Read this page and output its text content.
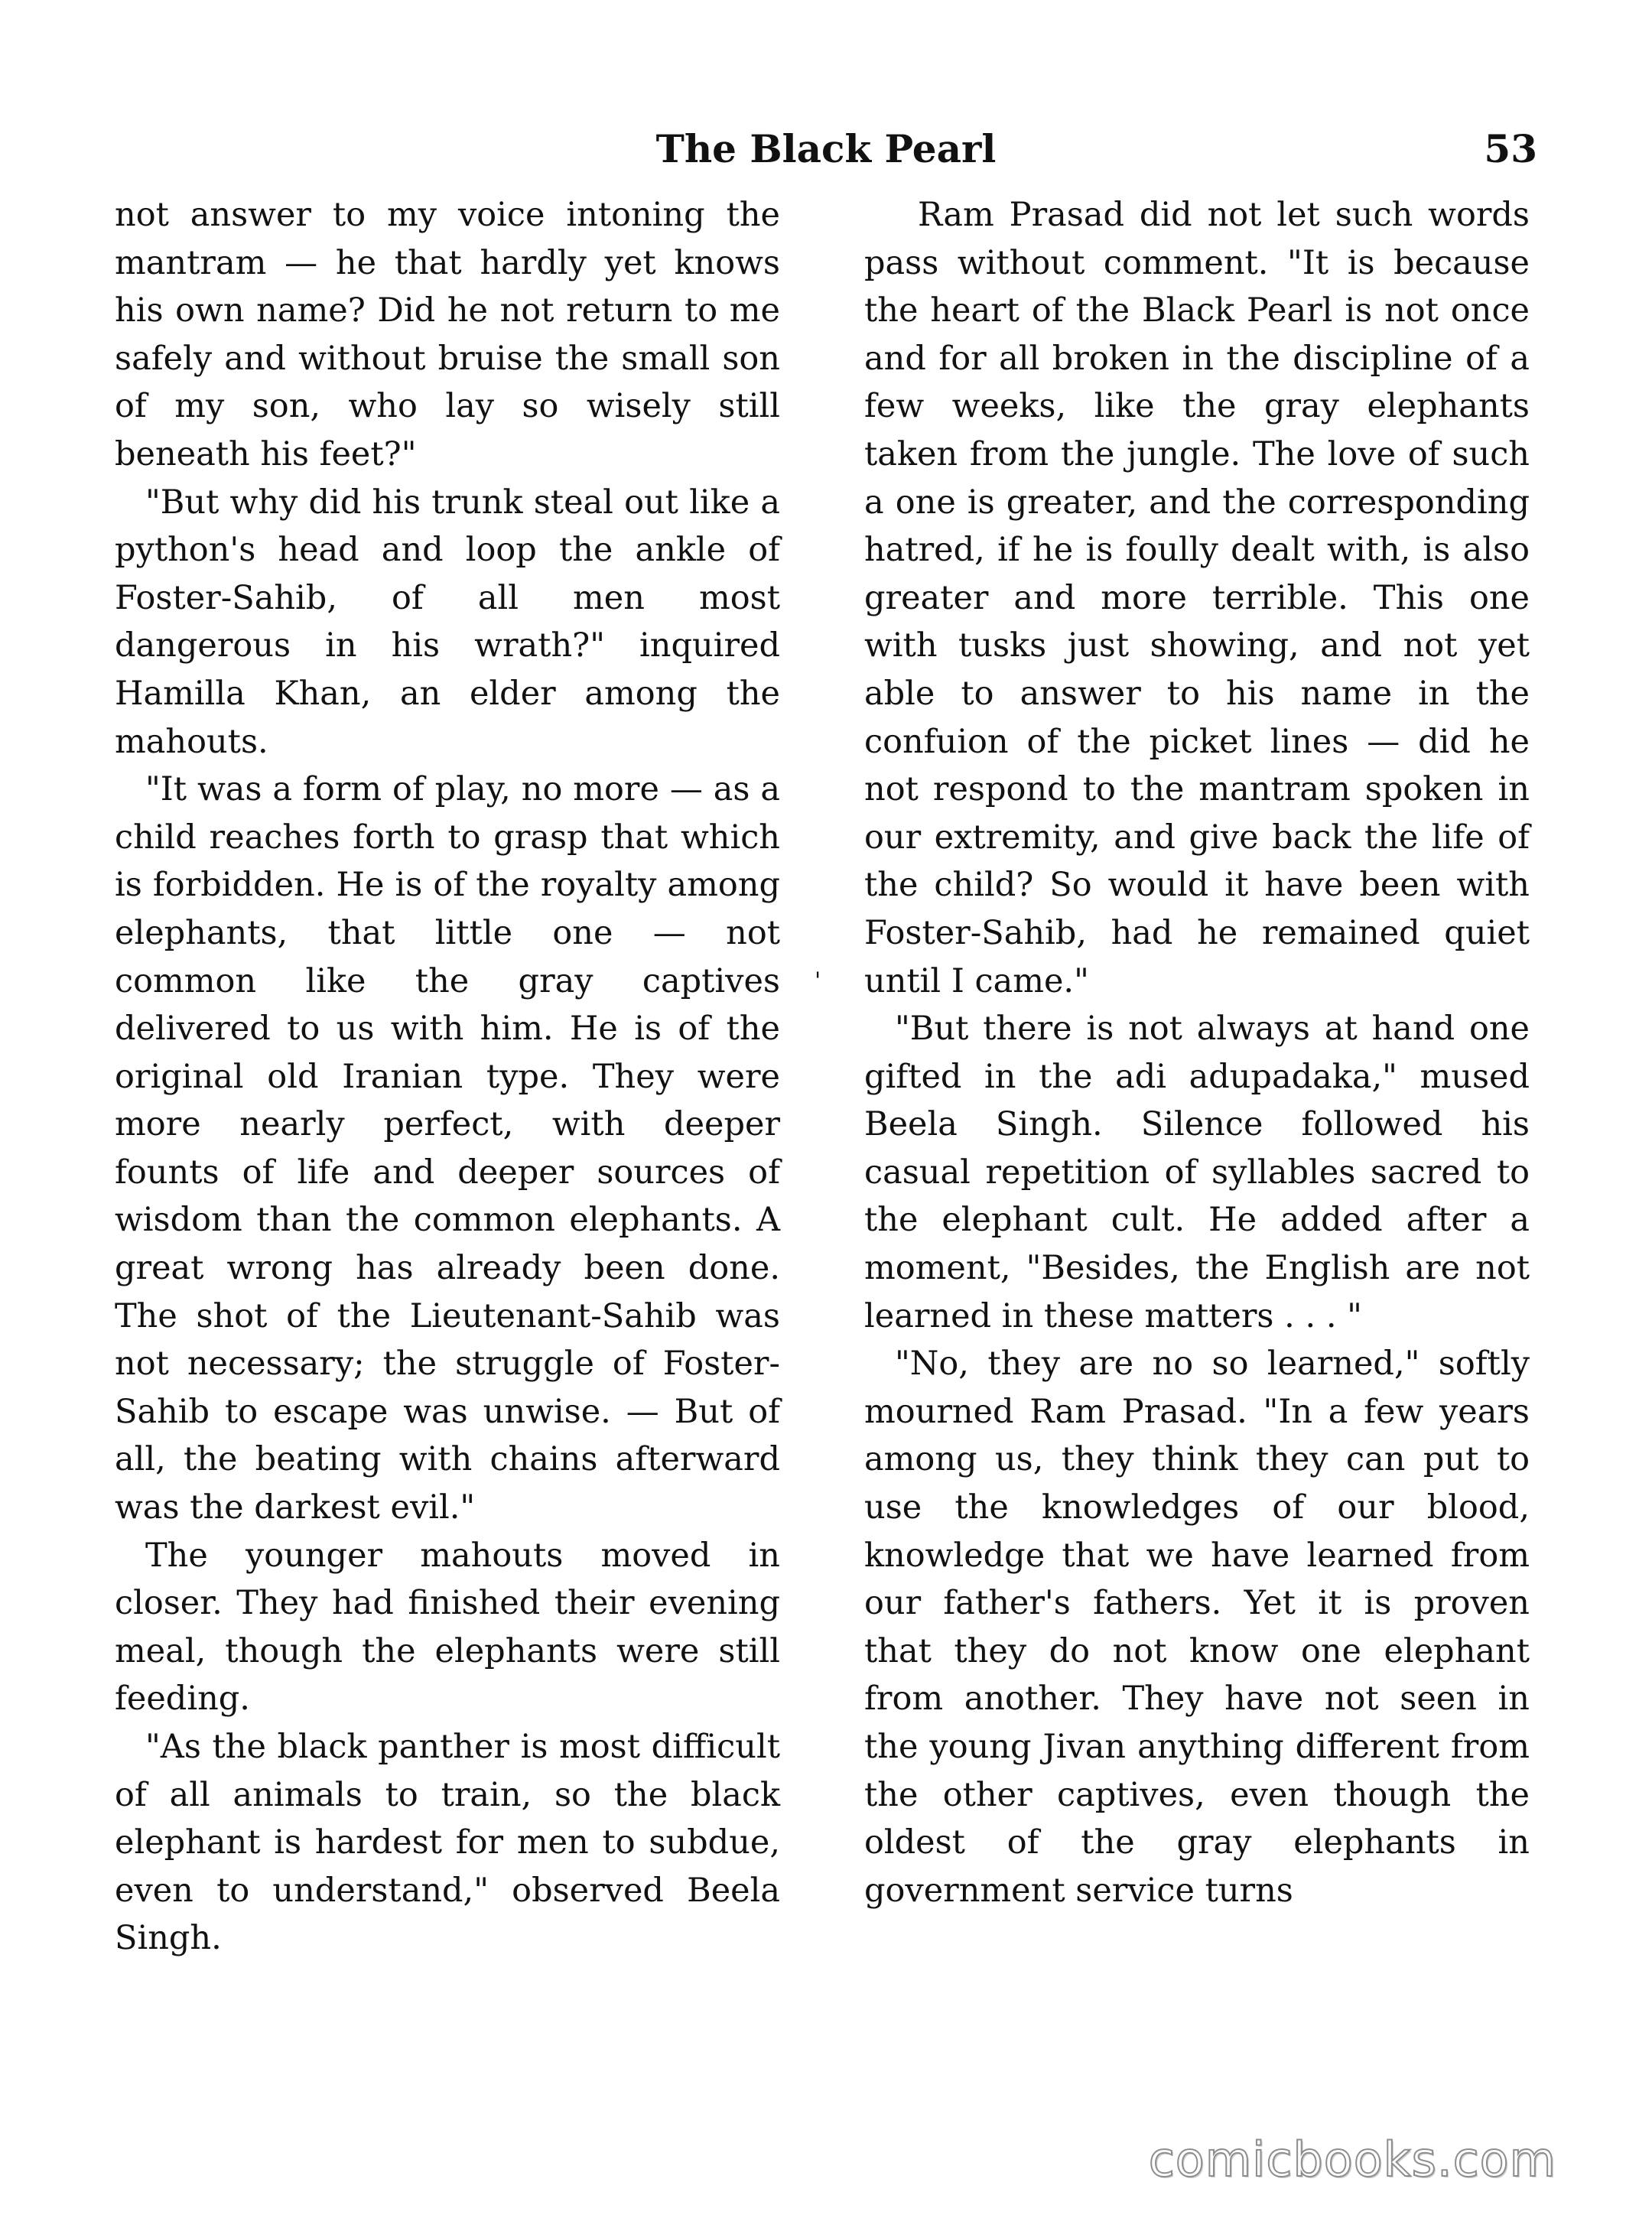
The Black Pearl	53

not answer to my voice intoning the mantram — he that hardly yet knows his own name? Did he not return to me safely and without bruise the small son of my son, who lay so wisely still beneath his feet?"

"But why did his trunk steal out like a python's head and loop the ankle of Foster-Sahib, of all men most dangerous in his wrath?" inquired Hamilla Khan, an elder among the mahouts.

"It was a form of play, no more — as a child reaches forth to grasp that which is forbidden. He is of the royalty among elephants, that little one — not common like the gray captives delivered to us with him. He is of the original old Iranian type. They were more nearly perfect, with deeper founts of life and deeper sources of wisdom than the common elephants. A great wrong has already been done. The shot of the Lieutenant-Sahib was not necessary; the struggle of Foster-Sahib to escape was unwise. — But of all, the beating with chains afterward was the darkest evil."

The younger mahouts moved in closer. They had finished their evening meal, though the elephants were still feeding.

"As the black panther is most difficult of all animals to train, so the black elephant is hardest for men to subdue, even to understand," observed Beela Singh.

'

Ram Prasad did not let such words pass without comment. "It is because the heart of the Black Pearl is not once and for all broken in the discipline of a few weeks, like the gray elephants taken from the jungle. The love of such a one is greater, and the corresponding hatred, if he is foully dealt with, is also greater and more terrible. This one with tusks just showing, and not yet able to answer to his name in the confuion of the picket lines — did he not respond to the mantram spoken in our extremity, and give back the life of the child? So would it have been with Foster-Sahib, had he remained quiet until I came."

"But there is not always at hand one gifted in the adi adupadaka," mused Beela Singh. Silence followed his casual repetition of syllables sacred to the elephant cult. He added after a moment, "Besides, the English are not learned in these matters . . . "

"No, they are no so learned," softly mourned Ram Prasad. "In a few years among us, they think they can put to use the knowledges of our blood, knowledge that we have learned from our father's fathers. Yet it is proven that they do not know one elephant from another. They have not seen in the young Jivan anything different from the other captives, even though the oldest of the gray elephants in government service turns

comicbooks.com
